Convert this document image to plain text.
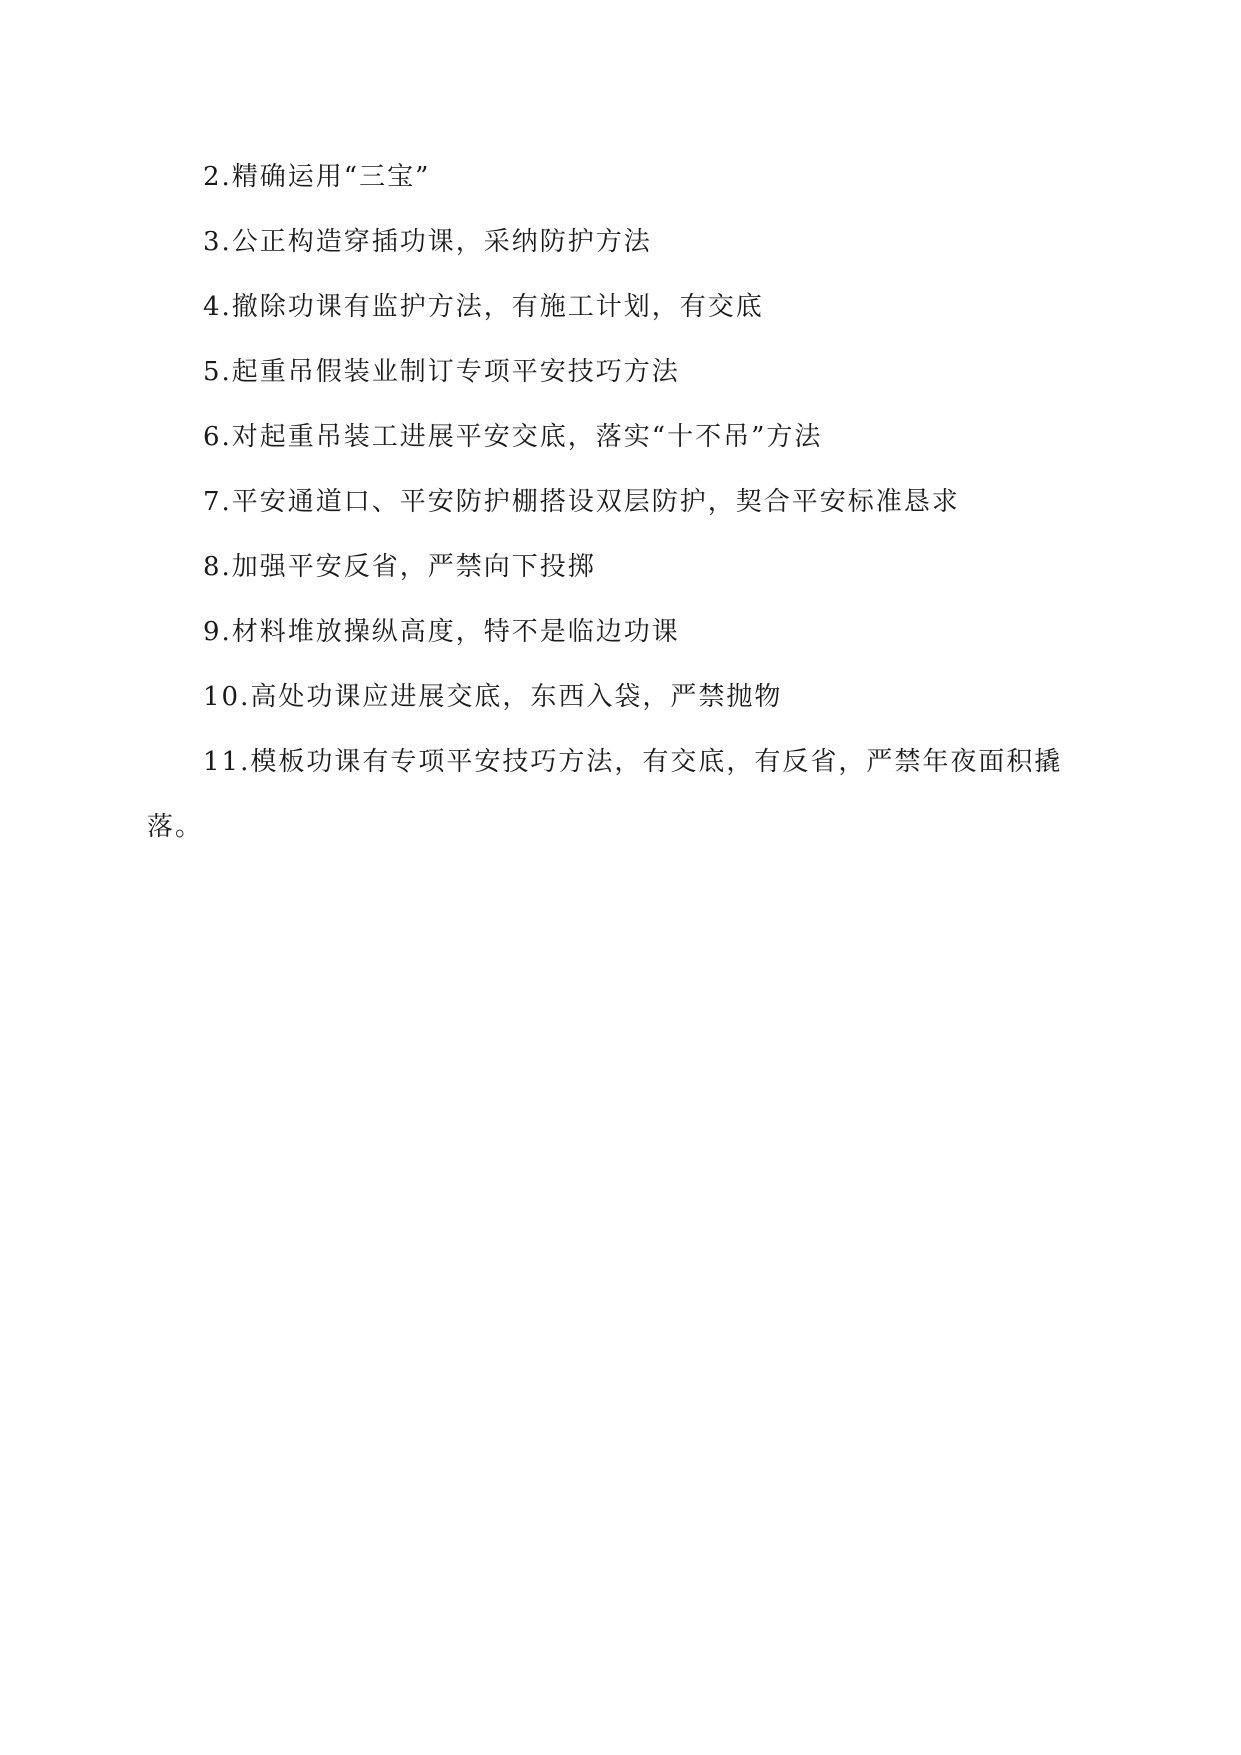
2.精确运用“三宝”
3.公正构造穿插功课，采纳防护方法
4.撤除功课有监护方法，有施工计划，有交底
5.起重吊假装业制订专项平安技巧方法
6.对起重吊装工进展平安交底，落实“十不吊”方法
7.平安通道口、平安防护棚搭设双层防护，契合平安标准恳求
8.加强平安反省，严禁向下投掷
9.材料堆放操纵高度，特不是临边功课
10.高处功课应进展交底，东西入袋，严禁抛物
11.模板功课有专项平安技巧方法，有交底，有反省，严禁年夜面积撬
落。
